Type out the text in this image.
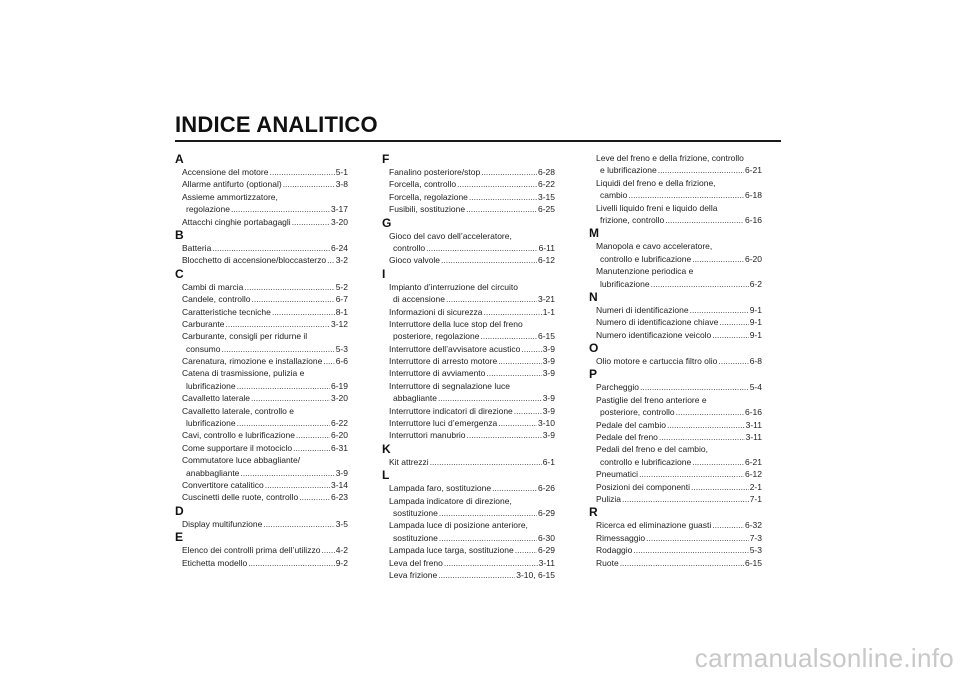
INDICE ANALITICO
A
Accensione del motore .....	5-1
Allarme antifurto (optional) .....	3-8
Assieme ammortizzatore,
regolazione .....	3-17
Attacchi cinghie portabagagli .....	3-20
B
Batteria .....	6-24
Blocchetto di accensione/bloccasterzo ..... 3-2
C
Cambi di marcia .....	5-2
Candele, controllo .....	6-7
Caratteristiche tecniche .....	8-1
Carburante .....	3-12
Carburante, consigli per ridurne il
consumo .....	5-3
Carenatura, rimozione e installazione ..... 6-6
Catena di trasmissione, pulizia e
lubrificazione .....	6-19
Cavalletto laterale .....	3-20
Cavalletto laterale, controllo e
lubrificazione .....	6-22
Cavi, controllo e lubrificazione .....	6-20
Come supportare il motociclo .....	6-31
Commutatore luce abbagliante/
anabbagliante .....	3-9
Convertitore catalitico .....	3-14
Cuscinetti delle ruote, controllo .....	6-23
D
Display multifunzione .....	3-5
E
Elenco dei controlli prima dell’utilizzo ..... 4-2
Etichetta modello .....	9-2
F
Fanalino posteriore/stop .....	6-28
Forcella, controllo .....	6-22
Forcella, regolazione .....	3-15
Fusibili, sostituzione .....	6-25
G
Gioco del cavo dell’acceleratore,
controllo .....	6-11
Gioco valvole .....	6-12
I
Impianto d’interruzione del circuito
di accensione .....	3-21
Informazioni di sicurezza .....	1-1
Interruttore della luce stop del freno
posteriore, regolazione .....	6-15
Interruttore dell’avvisatore acustico .....	3-9
Interruttore di arresto motore .....	3-9
Interruttore di avviamento .....	3-9
Interruttore di segnalazione luce
abbagliante .....	3-9
Interruttore indicatori di direzione .....	3-9
Interruttore luci d’emergenza .....	3-10
Interruttori manubrio .....	3-9
K
Kit attrezzi .....	6-1
L
Lampada faro, sostituzione .....	6-26
Lampada indicatore di direzione,
sostituzione .....	6-29
Lampada luce di posizione anteriore,
sostituzione .....	6-30
Lampada luce targa, sostituzione .....	6-29
Leva del freno .....	3-11
Leva frizione .....	3-10, 6-15
Leve del freno e della frizione, controllo
e lubrificazione .....	6-21
Liquidi del freno e della frizione,
cambio .....	6-18
Livelli liquido freni e liquido della
frizione, controllo .....	6-16
M
Manopola e cavo acceleratore,
controllo e lubrificazione .....	6-20
Manutenzione periodica e
lubrificazione .....	6-2
N
Numeri di identificazione .....	9-1
Numero di identificazione chiave .....	9-1
Numero identificazione veicolo .....	9-1
O
Olio motore e cartuccia filtro olio .....	6-8
P
Parcheggio .....	5-4
Pastiglie del freno anteriore e
posteriore, controllo .....	6-16
Pedale del cambio .....	3-11
Pedale del freno .....	3-11
Pedali del freno e del cambio,
controllo e lubrificazione .....	6-21
Pneumatici .....	6-12
Posizioni dei componenti .....	2-1
Pulizia .....	7-1
R
Ricerca ed eliminazione guasti .....	6-32
Rimessaggio .....	7-3
Rodaggio .....	5-3
Ruote .....	6-15
carmanualsonline.info
